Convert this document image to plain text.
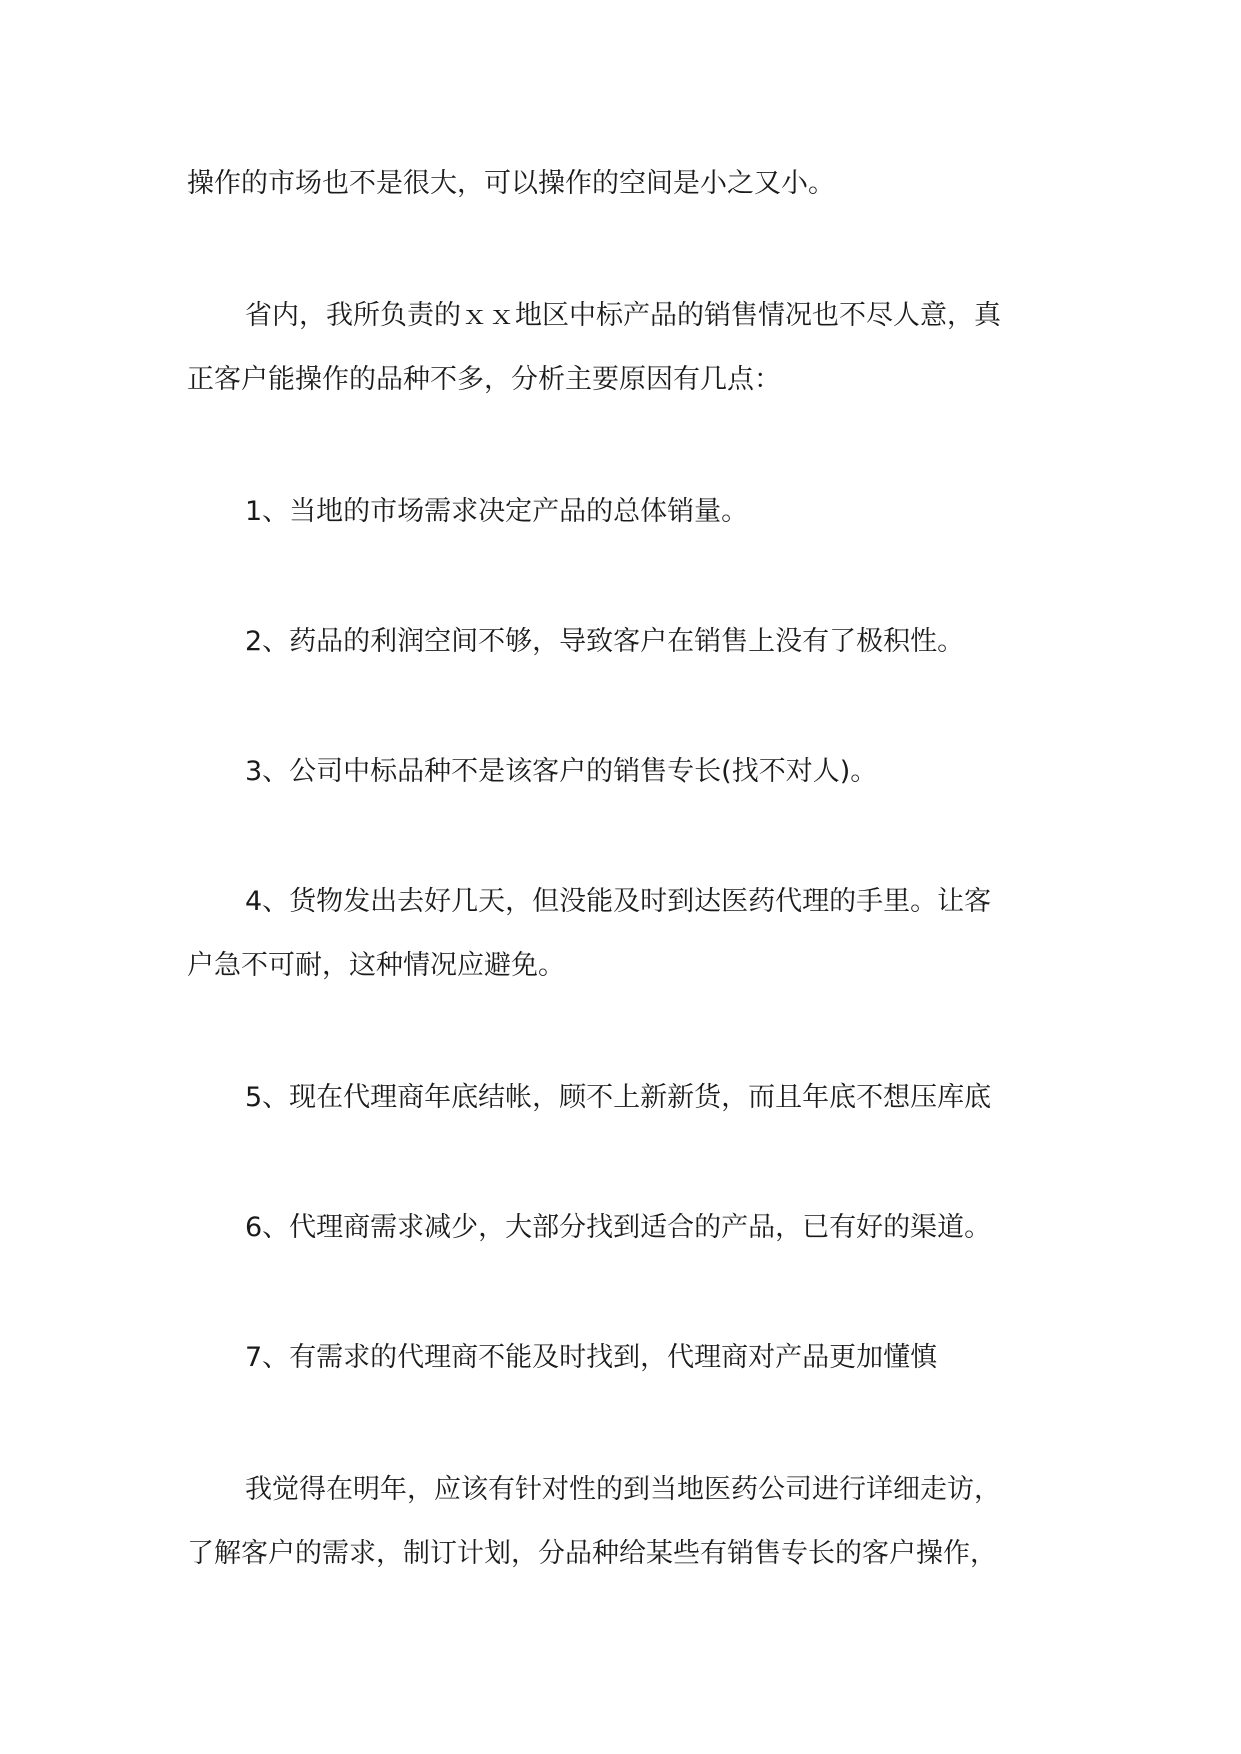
操作的市场也不是很大，可以操作的空间是小之又小。
省内，我所负责的ｘｘ地区中标产品的销售情况也不尽人意，真
正客户能操作的品种不多，分析主要原因有几点：
1、当地的市场需求决定产品的总体销量。
2、药品的利润空间不够，导致客户在销售上没有了极积性。
3、公司中标品种不是该客户的销售专长(找不对人)。
4、货物发出去好几天，但没能及时到达医药代理的手里。让客
户急不可耐，这种情况应避免。
5、现在代理商年底结帐，顾不上新新货，而且年底不想压库底
6、代理商需求减少，大部分找到适合的产品，已有好的渠道。
7、有需求的代理商不能及时找到，代理商对产品更加懂慎
我觉得在明年，应该有针对性的到当地医药公司进行详细走访，
了解客户的需求，制订计划，分品种给某些有销售专长的客户操作，
